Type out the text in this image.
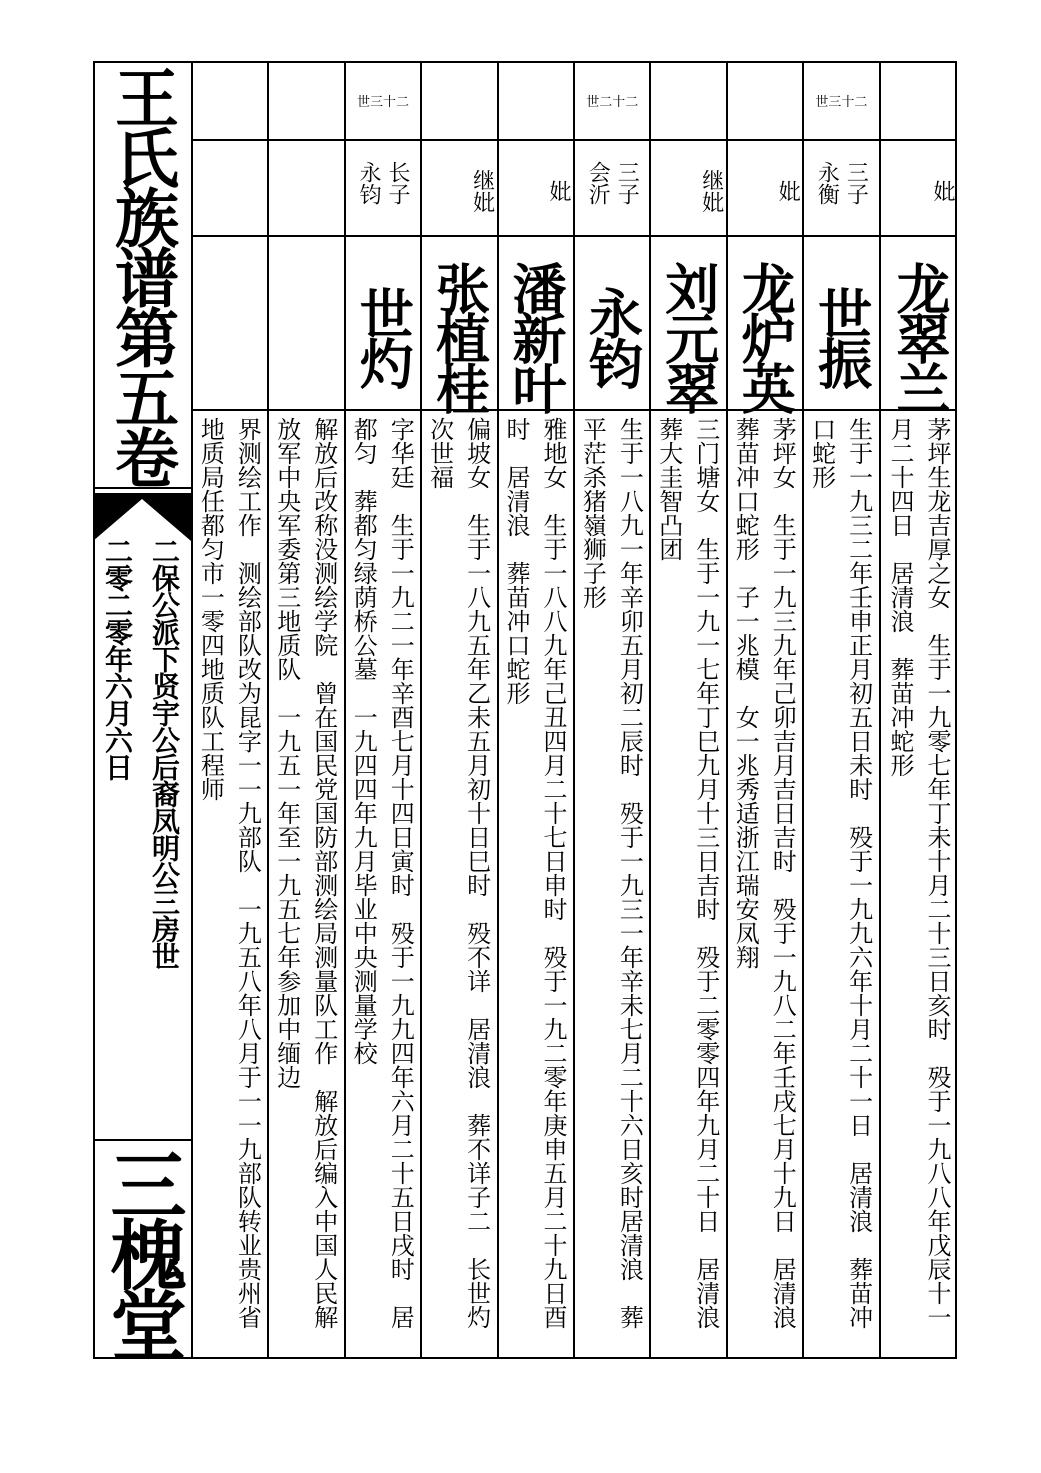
王氏族谱第五卷
二保公派下贤宇公后裔凤明公三房世
二零二零年六月六日
三槐堂	界测绘工作　测绘部队改为昆字一一九部队　一九五八年八月于一一九部队转业贵州省地质局任都匀市一零四地质队工程师	解放后改称没测绘学院　曾在国民党国防部测绘局测量队工作　解放后编入中国人民解放军中央军委第三地质队　一九五一年至一九五七年参加中缅边
世三十二
永钧 长子
世灼
字华廷　生于一九二一年辛酉七月十四日寅时　殁于一九九四年六月二十五日戌时　居都匀　葬都匀绿荫桥公墓　一九四四年九月毕业中央测量学校
继妣
张植桂
偏坡女　生于一八九五年乙未五月初十日巳时　殁不详　居清浪　葬不详子二　长世灼　次世福
妣
潘新叶
雅地女　生于一八八九年己丑四月二十七日申时　殁于一九二零年庚申五月二十九日酉时　居清浪　葬苗冲口蛇形
世二十二
会沂 三子
永钧
生于一八九一年辛卯五月初二辰时　殁于一九三一年辛未七月二十六日亥时居清浪　葬平茫杀猪嶺狮子形
继妣
刘元翠
三门塘女　生于一九一七年丁巳九月十三日吉时　殁于二零零四年九月二十日　居清浪　葬大圭智凸团
妣
龙炉英
茅坪女　生于一九三九年己卯吉月吉日吉时　殁于一九八二年壬戌七月十九日　居清浪　葬苗冲口蛇形　子一兆模　女一兆秀适浙江瑞安凤翔
世三十二
永衡 三子
世振
生于一九三二年壬申正月初五日未时　殁于一九九六年十月二十一日　居清浪　葬苗冲口蛇形
妣
龙翠兰
茅坪生龙吉厚之女　生于一九零七年丁未十月二十三日亥时　殁于一九八八年戊辰十一月二十四日　居清浪　葬苗冲蛇形
